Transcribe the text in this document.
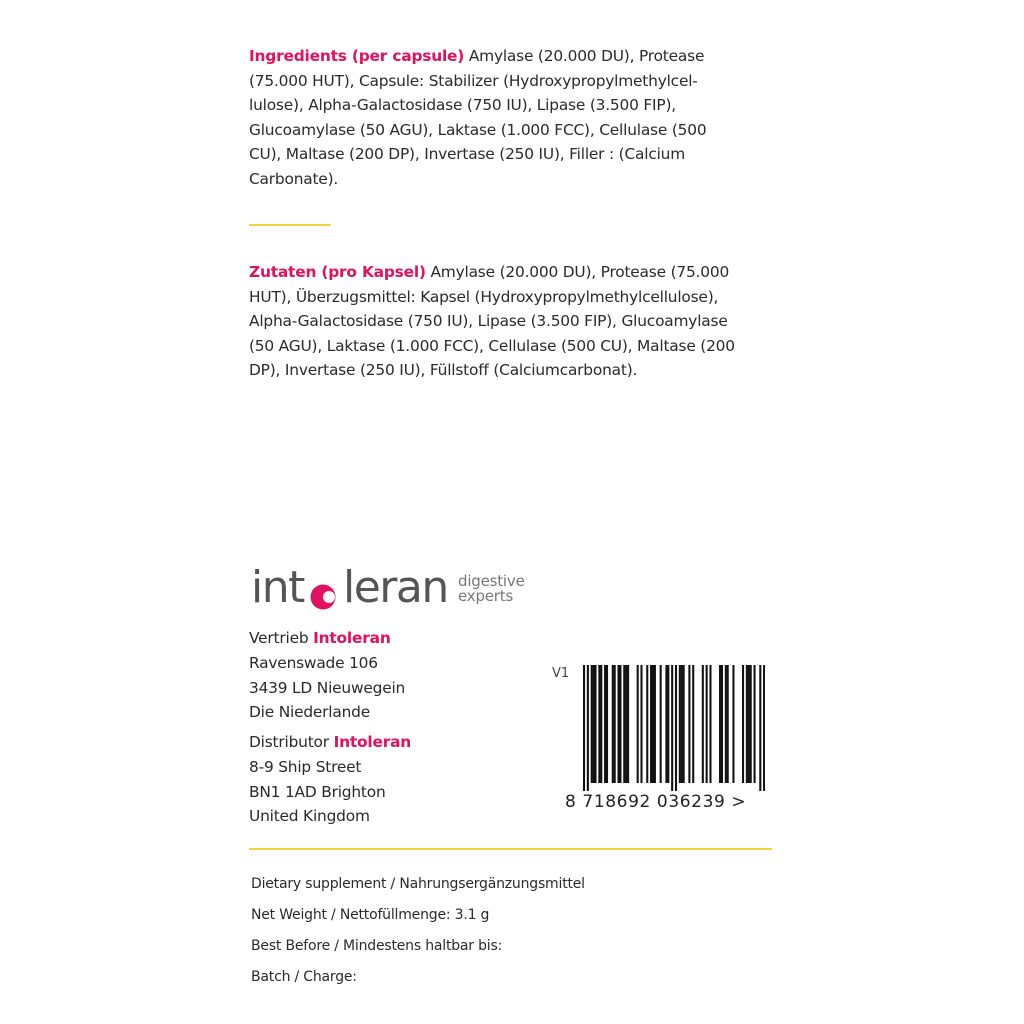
Ingredients (per capsule) Amylase (20.000 DU), Protease
(75.000 HUT), Capsule: Stabilizer (Hydroxypropylmethylcel-
lulose), Alpha-Galactosidase (750 IU), Lipase (3.500 FIP),
Glucoamylase (50 AGU), Laktase (1.000 FCC), Cellulase (500
CU), Maltase (200 DP), Invertase (250 IU), Filler : (Calcium
Carbonate).
Zutaten (pro Kapsel) Amylase (20.000 DU), Protease (75.000
HUT), Überzugsmittel: Kapsel (Hydroxypropylmethylcellulose),
Alpha-Galactosidase (750 IU), Lipase (3.500 FIP), Glucoamylase
(50 AGU), Laktase (1.000 FCC), Cellulase (500 CU), Maltase (200
DP), Invertase (250 IU), Füllstoff (Calciumcarbonat).
int leran digestive
experts
Vertrieb Intoleran
Ravenswade 106
3439 LD Nieuwegein
Die Niederlande
Distributor Intoleran
8-9 Ship Street
BN1 1AD Brighton
United Kingdom
V1
8 718692 036239 >
Dietary supplement / Nahrungsergänzungsmittel
Net Weight / Nettofüllmenge: 3.1 g
Best Before / Mindestens haltbar bis:
Batch / Charge:
